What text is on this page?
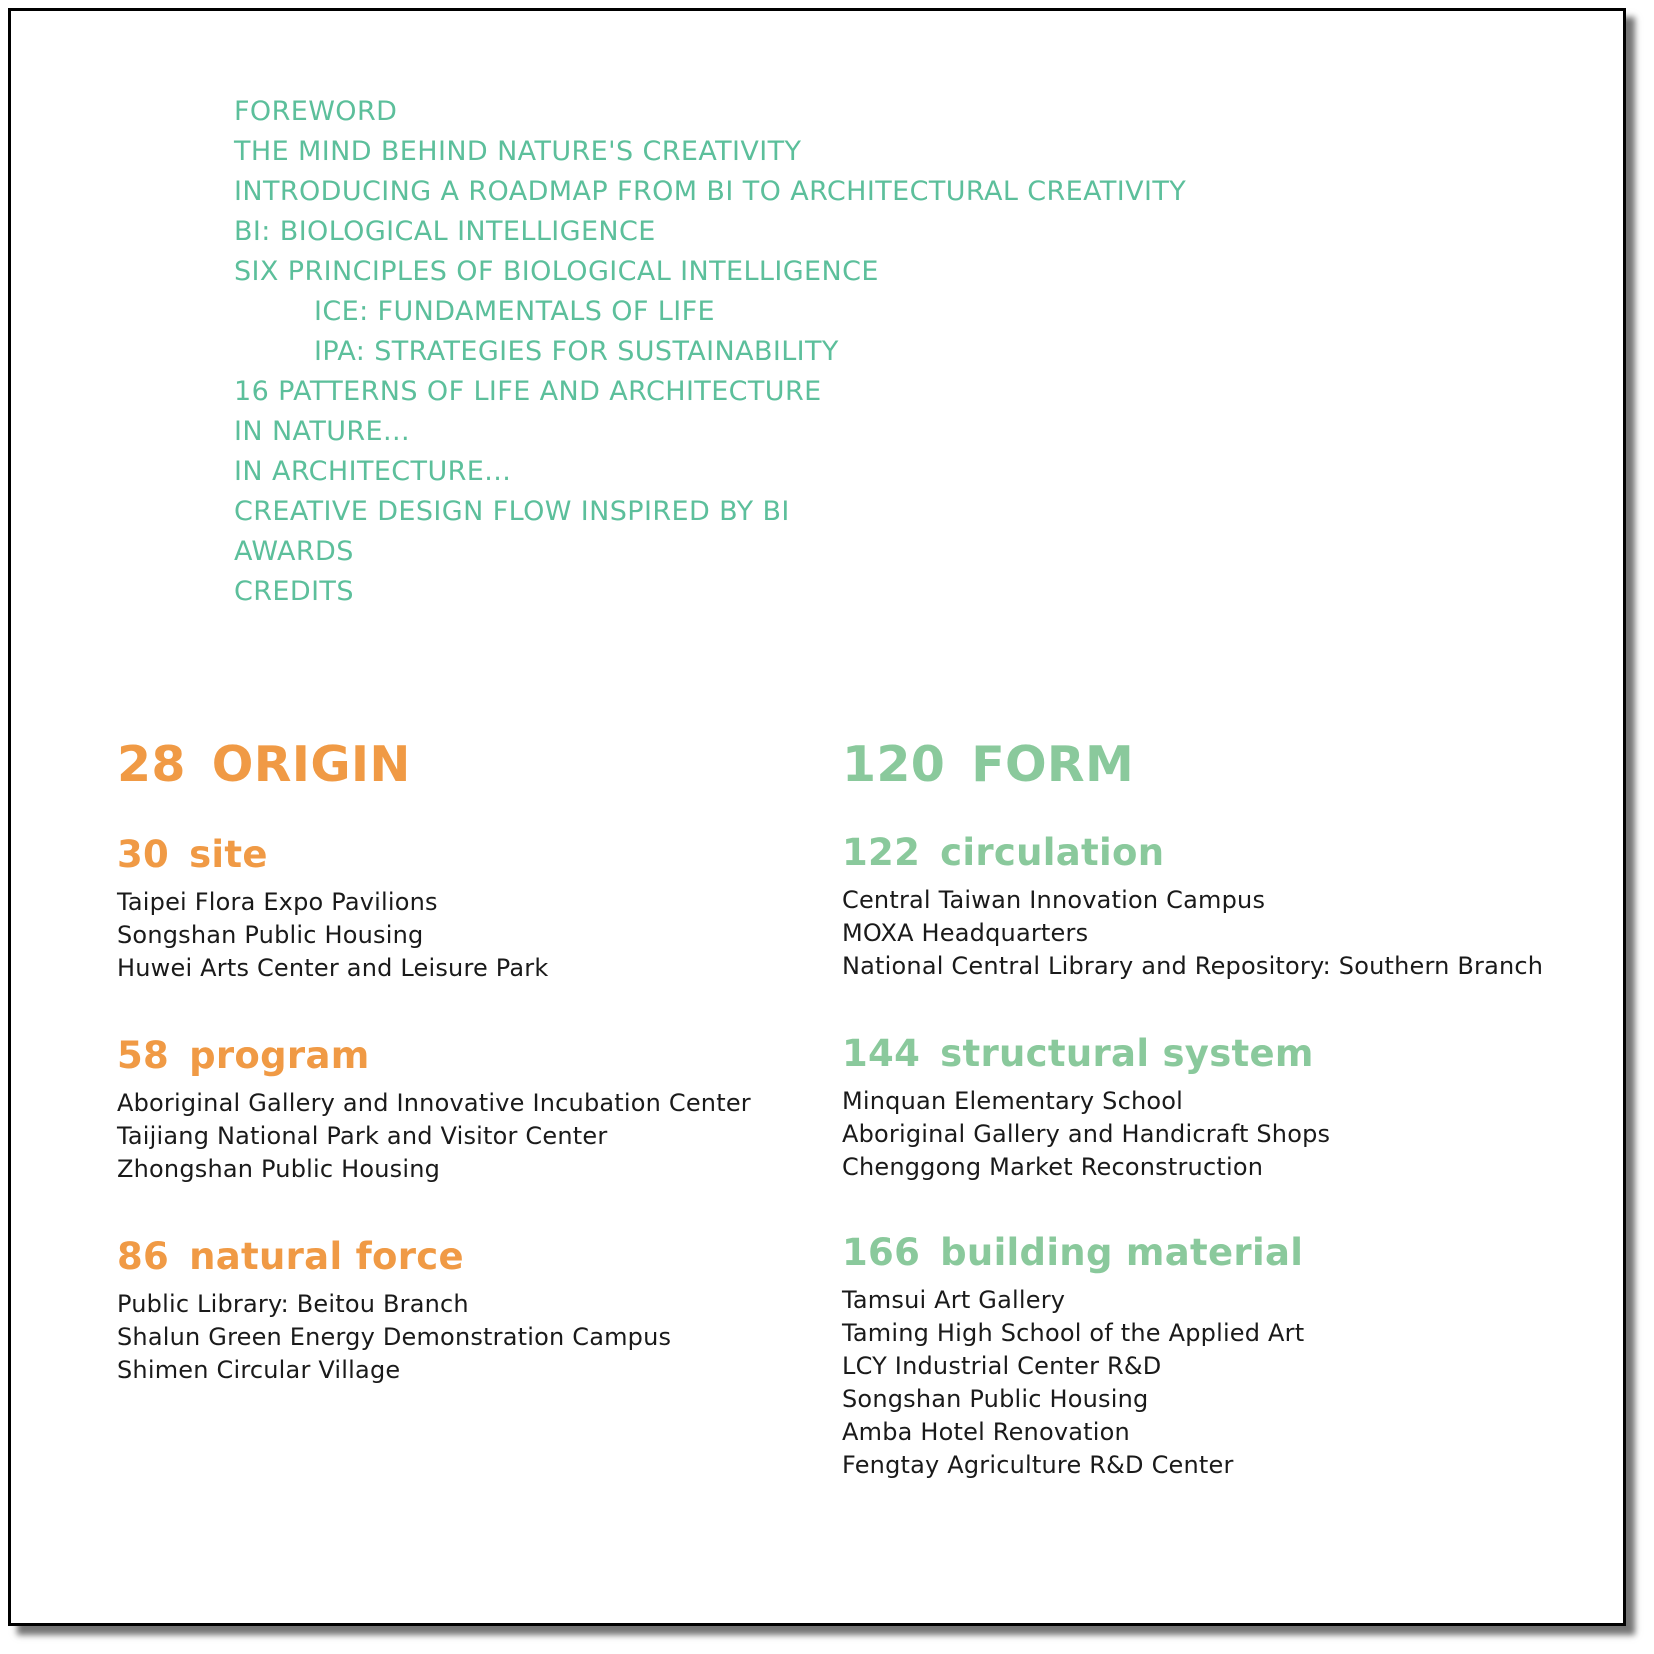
FOREWORD
THE MIND BEHIND NATURE'S CREATIVITY
INTRODUCING A ROADMAP FROM BI TO ARCHITECTURAL CREATIVITY
BI: BIOLOGICAL INTELLIGENCE
SIX PRINCIPLES OF BIOLOGICAL INTELLIGENCE
ICE: FUNDAMENTALS OF LIFE
IPA: STRATEGIES FOR SUSTAINABILITY
16 PATTERNS OF LIFE AND ARCHITECTURE
IN NATURE...
IN ARCHITECTURE...
CREATIVE DESIGN FLOW INSPIRED BY BI
AWARDS
CREDITS
28 ORIGIN
30 site
Taipei Flora Expo Pavilions
Songshan Public Housing
Huwei Arts Center and Leisure Park
58 program
Aboriginal Gallery and Innovative Incubation Center
Taijiang National Park and Visitor Center
Zhongshan Public Housing
86 natural force
Public Library: Beitou Branch
Shalun Green Energy Demonstration Campus
Shimen Circular Village
120 FORM
122 circulation
Central Taiwan Innovation Campus
MOXA Headquarters
National Central Library and Repository: Southern Branch
144 structural system
Minquan Elementary School
Aboriginal Gallery and Handicraft Shops
Chenggong Market Reconstruction
166 building material
Tamsui Art Gallery
Taming High School of the Applied Art
LCY Industrial Center R&D
Songshan Public Housing
Amba Hotel Renovation
Fengtay Agriculture R&D Center
